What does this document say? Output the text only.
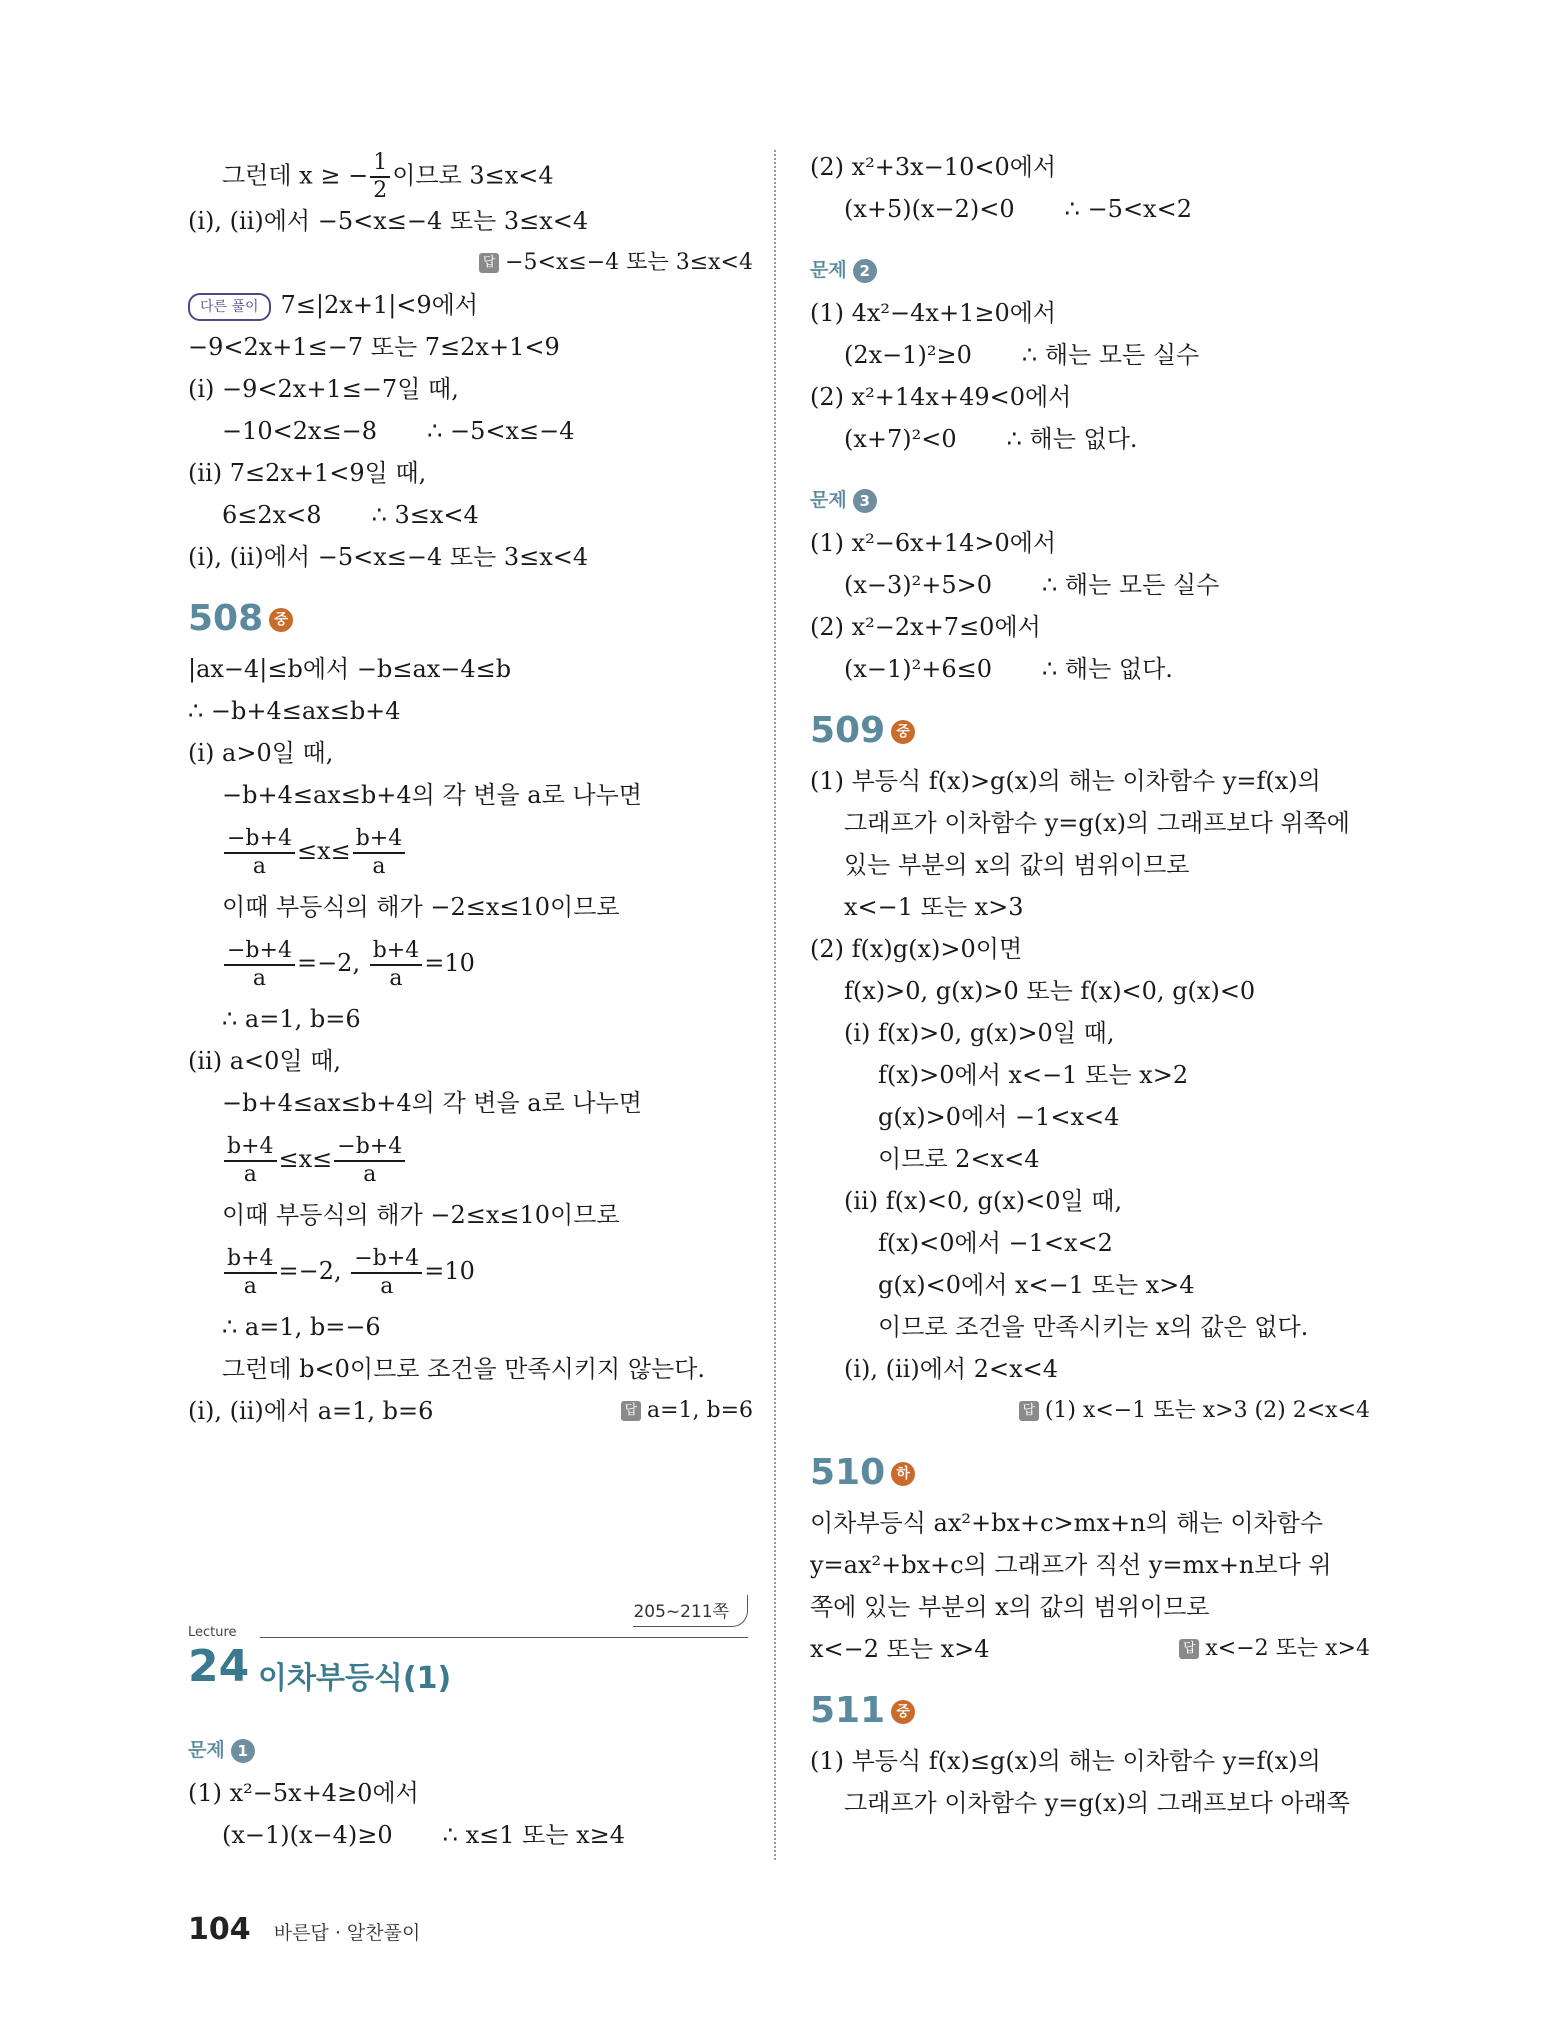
그런데 x ≥ − $\frac{1}{2}$ 이므로 3≤x<4
(ⅰ), (ⅱ)에서 −5<x≤−4 또는 3≤x<4
답 −5<x≤−4 또는 3≤x<4
다른 풀이 7≤|2x+1|<9에서
−9<2x+1≤−7 또는 7≤2x+1<9
(ⅰ) −9<2x+1≤−7일 때,
−10<2x≤−8 ∴ −5<x≤−4
(ⅱ) 7≤2x+1<9일 때,
6≤2x<8 ∴ 3≤x<4
(ⅰ), (ⅱ)에서 −5<x≤−4 또는 3≤x<4
508 중
|ax−4|≤b에서 −b≤ax−4≤b
∴ −b+4≤ax≤b+4
(ⅰ) a>0일 때,
−b+4≤ax≤b+4의 각 변을 a로 나누면
$\frac{-b+4}{a} \le x\le \frac{b+4}{a}$
이때 부등식의 해가 −2≤x≤10이므로
$\frac{-b+4}{a} =-2$, $\frac{b+4}{a} =10$
∴ a=1, b=6
(ⅱ) a<0일 때,
−b+4≤ax≤b+4의 각 변을 a로 나누면
$\frac{b+4}{a} \le x\le \frac{-b+4}{a}$
이때 부등식의 해가 −2≤x≤10이므로
$\frac{b+4}{a} =-2$, $\frac{-b+4}{a} =10$
∴ a=1, b=−6
그런데 b<0이므로 조건을 만족시키지 않는다.
(ⅰ), (ⅱ)에서 a=1, b=6	답 a=1, b=6
Lecture
205~211쪽
24 이차부등식(1)
문제 1
(1) x²−5x+4≥0에서
(x−1)(x−4)≥0 ∴ x≤1 또는 x≥4
(2) x²+3x−10<0에서
(x+5)(x−2)<0 ∴ −5<x<2
문제 2
(1) 4x²−4x+1≥0에서
(2x−1)²≥0 ∴ 해는 모든 실수
(2) x²+14x+49<0에서
(x+7)²<0 ∴ 해는 없다.
문제 3
(1) x²−6x+14>0에서
(x−3)²+5>0 ∴ 해는 모든 실수
(2) x²−2x+7≤0에서
(x−1)²+6≤0 ∴ 해는 없다.
509 중
(1) 부등식 f(x)>g(x)의 해는 이차함수 y=f(x)의
그래프가 이차함수 y=g(x)의 그래프보다 위쪽에
있는 부분의 x의 값의 범위이므로
x<−1 또는 x>3
(2) f(x)g(x)>0이면
f(x)>0, g(x)>0 또는 f(x)<0, g(x)<0
(ⅰ) f(x)>0, g(x)>0일 때,
f(x)>0에서 x<−1 또는 x>2
g(x)>0에서 −1<x<4
이므로 2<x<4
(ⅱ) f(x)<0, g(x)<0일 때,
f(x)<0에서 −1<x<2
g(x)<0에서 x<−1 또는 x>4
이므로 조건을 만족시키는 x의 값은 없다.
(ⅰ), (ⅱ)에서 2<x<4
답 (1) x<−1 또는 x>3 (2) 2<x<4
510 하
이차부등식 ax²+bx+c>mx+n의 해는 이차함수
y=ax²+bx+c의 그래프가 직선 y=mx+n보다 위
쪽에 있는 부분의 x의 값의 범위이므로
x<−2 또는 x>4	답 x<−2 또는 x>4
511 중
(1) 부등식 f(x)≤g(x)의 해는 이차함수 y=f(x)의
그래프가 이차함수 y=g(x)의 그래프보다 아래쪽
104 바른답 · 알찬풀이
